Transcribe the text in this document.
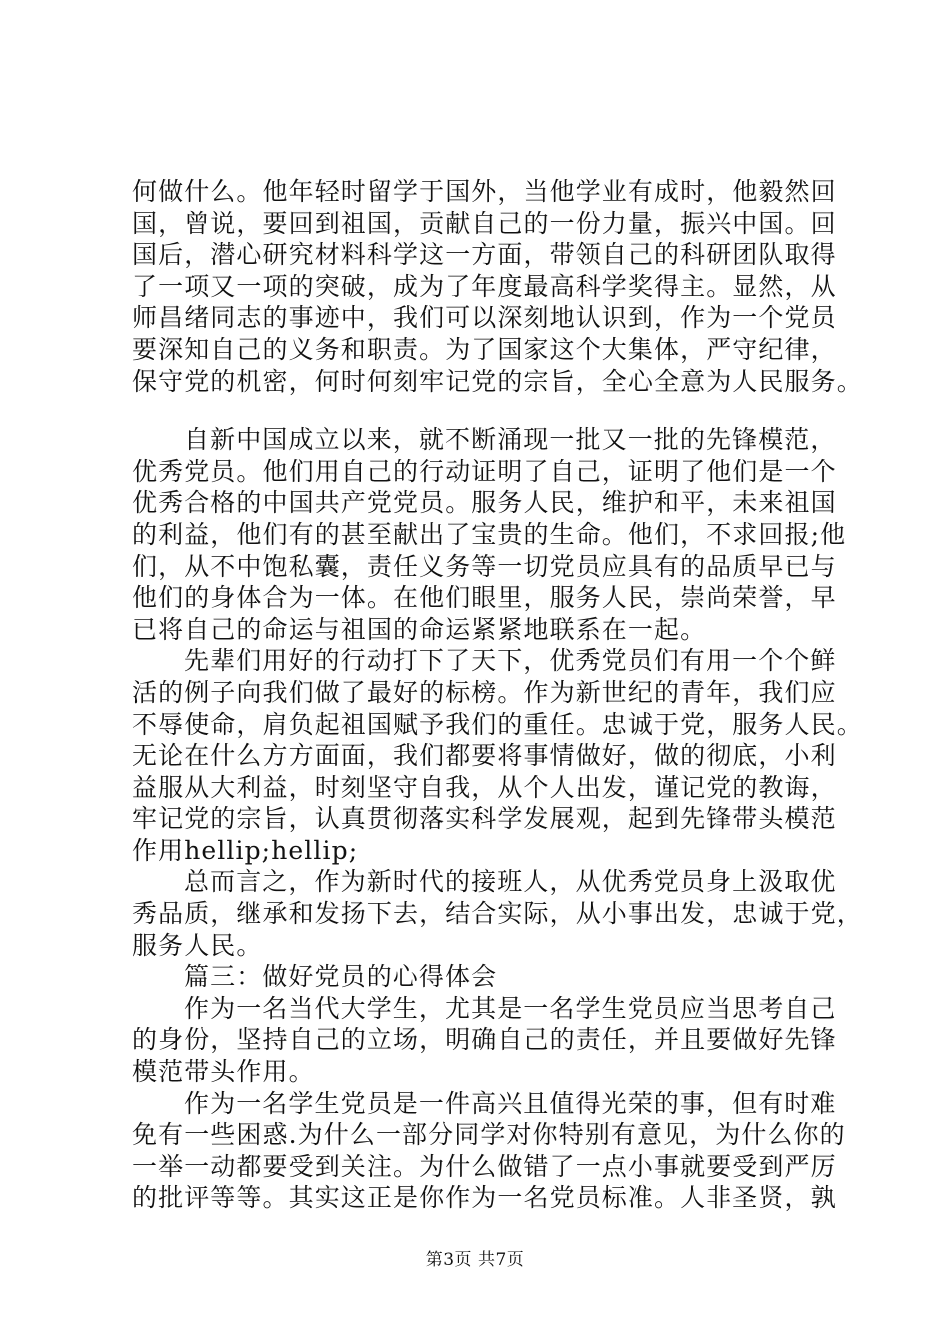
何做什么。他年轻时留学于国外，当他学业有成时，他毅然回
国，曾说，要回到祖国，贡献自己的一份力量，振兴中国。回
国后，潜心研究材料科学这一方面，带领自己的科研团队取得
了一项又一项的突破，成为了年度最高科学奖得主。显然，从
师昌绪同志的事迹中，我们可以深刻地认识到，作为一个党员
要深知自己的义务和职责。为了国家这个大集体，严守纪律，
保守党的机密，何时何刻牢记党的宗旨，全心全意为人民服务。
自新中国成立以来，就不断涌现一批又一批的先锋模范，
优秀党员。他们用自己的行动证明了自己，证明了他们是一个
优秀合格的中国共产党党员。服务人民，维护和平，未来祖国
的利益，他们有的甚至献出了宝贵的生命。他们，不求回报;他
们，从不中饱私囊，责任义务等一切党员应具有的品质早已与
他们的身体合为一体。在他们眼里，服务人民，崇尚荣誉，早
已将自己的命运与祖国的命运紧紧地联系在一起。
先辈们用好的行动打下了天下，优秀党员们有用一个个鲜
活的例子向我们做了最好的标榜。作为新世纪的青年，我们应
不辱使命，肩负起祖国赋予我们的重任。忠诚于党，服务人民。
无论在什么方方面面，我们都要将事情做好，做的彻底，小利
益服从大利益，时刻坚守自我，从个人出发，谨记党的教诲，
牢记党的宗旨，认真贯彻落实科学发展观，起到先锋带头模范
作用hellip;hellip;
总而言之，作为新时代的接班人，从优秀党员身上汲取优
秀品质，继承和发扬下去，结合实际，从小事出发，忠诚于党，
服务人民。
篇三：做好党员的心得体会
作为一名当代大学生，尤其是一名学生党员应当思考自己
的身份，坚持自己的立场，明确自己的责任，并且要做好先锋
模范带头作用。
作为一名学生党员是一件高兴且值得光荣的事，但有时难
免有一些困惑.为什么一部分同学对你特别有意见，为什么你的
一举一动都要受到关注。为什么做错了一点小事就要受到严厉
的批评等等。其实这正是你作为一名党员标准。人非圣贤，孰
第3页 共7页
